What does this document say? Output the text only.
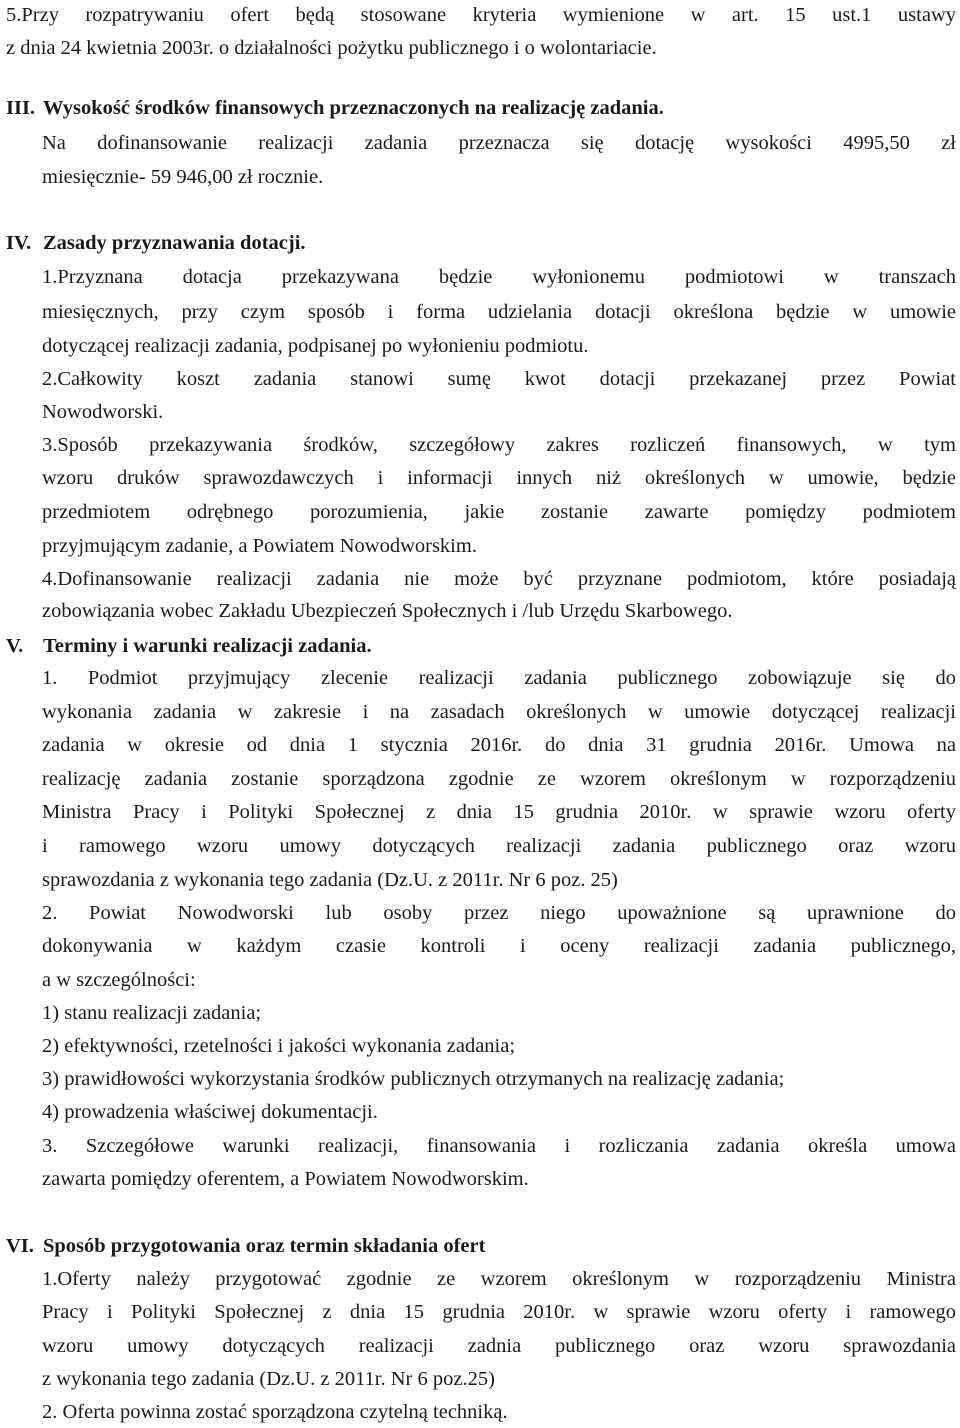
5.Przy rozpatrywaniu ofert będą stosowane kryteria wymienione w art. 15 ust.1 ustawy
z dnia 24 kwietnia 2003r. o działalności pożytku publicznego i o wolontariacie.
III. Wysokość środków finansowych przeznaczonych na realizację zadania.
Na dofinansowanie realizacji zadania przeznacza się dotację wysokości 4995,50 zł
miesięcznie- 59 946,00 zł rocznie.
IV. Zasady przyznawania dotacji.
1.Przyznana dotacja przekazywana będzie wyłonionemu podmiotowi w transzach
miesięcznych, przy czym sposób i forma udzielania dotacji określona będzie w umowie
dotyczącej realizacji zadania, podpisanej po wyłonieniu podmiotu.
2.Całkowity koszt zadania stanowi sumę kwot dotacji przekazanej przez Powiat
Nowodworski.
3.Sposób przekazywania środków, szczegółowy zakres rozliczeń finansowych, w tym
wzoru druków sprawozdawczych i informacji innych niż określonych w umowie, będzie
przedmiotem odrębnego porozumienia, jakie zostanie zawarte pomiędzy podmiotem
przyjmującym zadanie, a Powiatem Nowodworskim.
4.Dofinansowanie realizacji zadania nie może być przyznane podmiotom, które posiadają
zobowiązania wobec Zakładu Ubezpieczeń Społecznych i /lub Urzędu Skarbowego.
V. Terminy i warunki realizacji zadania.
1. Podmiot przyjmujący zlecenie realizacji zadania publicznego zobowiązuje się do
wykonania zadania w zakresie i na zasadach określonych w umowie dotyczącej realizacji
zadania w okresie od dnia 1 stycznia 2016r. do dnia 31 grudnia 2016r. Umowa na
realizację zadania zostanie sporządzona zgodnie ze wzorem określonym w rozporządzeniu
Ministra Pracy i Polityki Społecznej z dnia 15 grudnia 2010r. w sprawie wzoru oferty
i ramowego wzoru umowy dotyczących realizacji zadania publicznego oraz wzoru
sprawozdania z wykonania tego zadania (Dz.U. z 2011r. Nr 6 poz. 25)
2. Powiat Nowodworski lub osoby przez niego upoważnione są uprawnione do
dokonywania w każdym czasie kontroli i oceny realizacji zadania publicznego,
a w szczególności:
1) stanu realizacji zadania;
2) efektywności, rzetelności i jakości wykonania zadania;
3) prawidłowości wykorzystania środków publicznych otrzymanych na realizację zadania;
4) prowadzenia właściwej dokumentacji.
3. Szczegółowe warunki realizacji, finansowania i rozliczania zadania określa umowa
zawarta pomiędzy oferentem, a Powiatem Nowodworskim.
VI. Sposób przygotowania oraz termin składania ofert
1.Oferty należy przygotować zgodnie ze wzorem określonym w rozporządzeniu Ministra
Pracy i Polityki Społecznej z dnia 15 grudnia 2010r. w sprawie wzoru oferty i ramowego
wzoru umowy dotyczących realizacji zadnia publicznego oraz wzoru sprawozdania
z wykonania tego zadania (Dz.U. z 2011r. Nr 6 poz.25)
2. Oferta powinna zostać sporządzona czytelną techniką.
